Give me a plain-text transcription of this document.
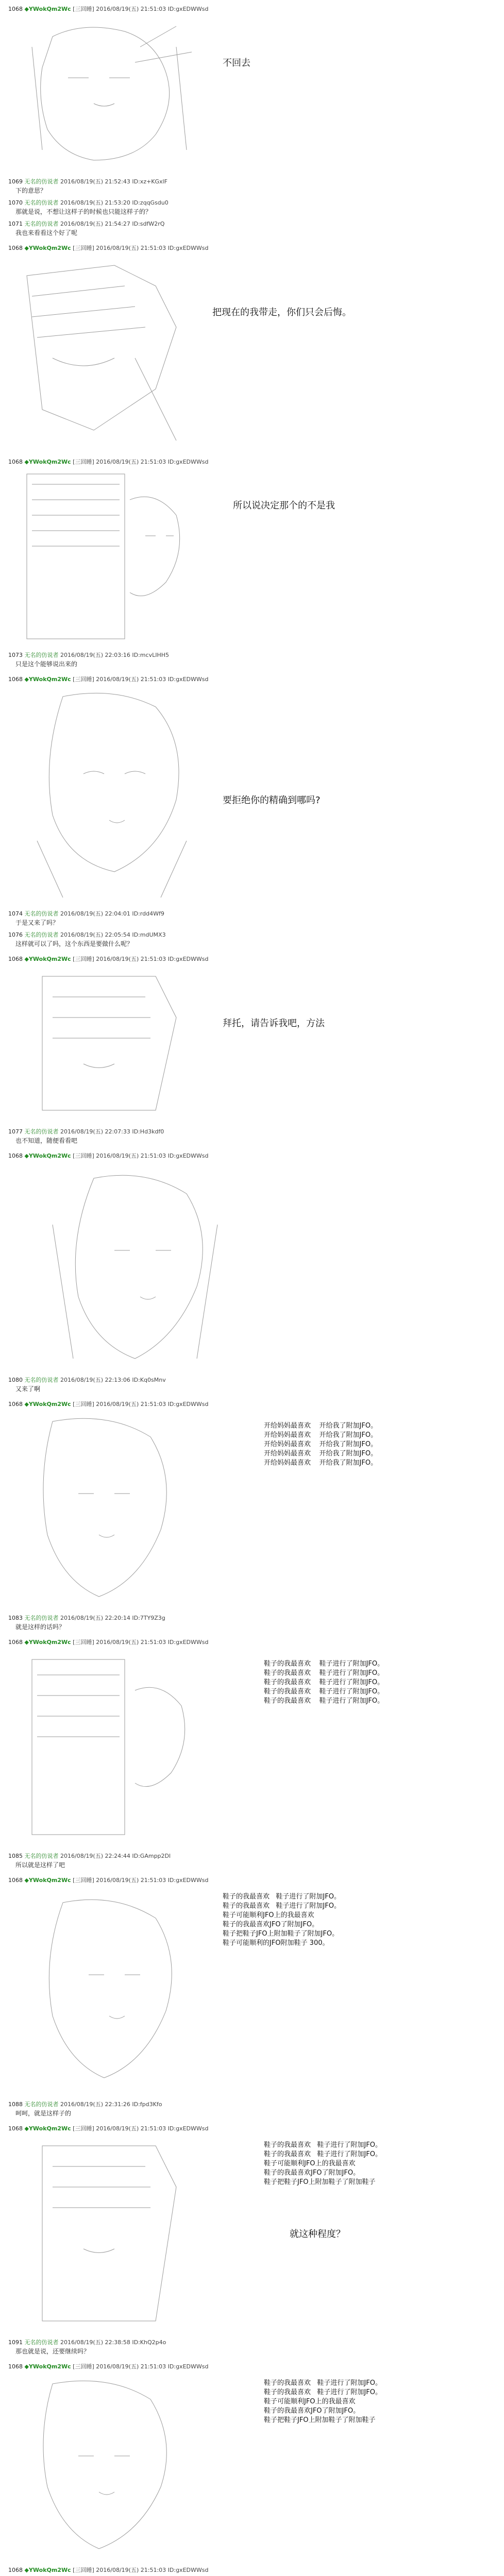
1068 ◆YWokQm2Wc [三回睡] 2016/08/19(五) 21:51:03 ID:gxEDWWsd
不回去
1069 无名的仿说者 2016/08/19(五) 21:52:43 ID:xz+KGxlF
下的意思？
1070 无名的仿说者 2016/08/19(五) 21:53:20 ID:zqqGsdu0
那就是说，不想让这样子的时候也只能这样子的？
1071 无名的仿说者 2016/08/19(五) 21:54:27 ID:sdfW2rQ
我也来看看这个好了呢
1068 ◆YWokQm2Wc [三回睡] 2016/08/19(五) 21:51:03 ID:gxEDWWsd
把现在的我带走，你们只会后悔。
1068 ◆YWokQm2Wc [三回睡] 2016/08/19(五) 21:51:03 ID:gxEDWWsd
所以说决定那个的不是我
1073 无名的仿说者 2016/08/19(五) 22:03:16 ID:mcvLIHH5
只是这个能够说出来的
1068 ◆YWokQm2Wc [三回睡] 2016/08/19(五) 21:51:03 ID:gxEDWWsd
要拒绝你的精确到哪吗?
1074 无名的仿说者 2016/08/19(五) 22:04:01 ID:rdd4Wf9
于是又来了吗？
1076 无名的仿说者 2016/08/19(五) 22:05:54 ID:mdUMX3
这样就可以了吗，这个东西是要做什么呢？
1068 ◆YWokQm2Wc [三回睡] 2016/08/19(五) 21:51:03 ID:gxEDWWsd
拜托，请告诉我吧，方法
1077 无名的仿说者 2016/08/19(五) 22:07:33 ID:Hd3kdf0
也不知道，随便看看吧
1068 ◆YWokQm2Wc [三回睡] 2016/08/19(五) 21:51:03 ID:gxEDWWsd
1080 无名的仿说者 2016/08/19(五) 22:13:06 ID:Kq0sMnv
又来了啊
1068 ◆YWokQm2Wc [三回睡] 2016/08/19(五) 21:51:03 ID:gxEDWWsd
开给妈妈最喜欢    开给我了附加JFO。
开给妈妈最喜欢    开给我了附加JFO。
开给妈妈最喜欢    开给我了附加JFO。
开给妈妈最喜欢    开给我了附加JFO。
开给妈妈最喜欢    开给我了附加JFO。
1083 无名的仿说者 2016/08/19(五) 22:20:14 ID:7TY9Z3g
就是这样的话吗？
1068 ◆YWokQm2Wc [三回睡] 2016/08/19(五) 21:51:03 ID:gxEDWWsd
鞋子的我最喜欢    鞋子进行了附加JFO。
鞋子的我最喜欢    鞋子进行了附加JFO。
鞋子的我最喜欢    鞋子进行了附加JFO。
鞋子的我最喜欢    鞋子进行了附加JFO。
鞋子的我最喜欢    鞋子进行了附加JFO。
1085 无名的仿说者 2016/08/19(五) 22:24:44 ID:GAmpp2Dl
所以就是这样了吧
1068 ◆YWokQm2Wc [三回睡] 2016/08/19(五) 21:51:03 ID:gxEDWWsd
鞋子的我最喜欢   鞋子进行了附加JFO。
鞋子的我最喜欢   鞋子进行了附加JFO。
鞋子可能顺利JFO上的我最喜欢
鞋子的我最喜欢JFO了附加JFO。
鞋子把鞋子JFO上附加鞋子了附加JFO。
鞋子可能顺利的JFO附加鞋子 300。
1088 无名的仿说者 2016/08/19(五) 22:31:26 ID:fpd3Kfo
呵呵，就是这样子的
1068 ◆YWokQm2Wc [三回睡] 2016/08/19(五) 21:51:03 ID:gxEDWWsd
鞋子的我最喜欢   鞋子进行了附加JFO。
鞋子的我最喜欢   鞋子进行了附加JFO。
鞋子可能顺利JFO上的我最喜欢
鞋子的我最喜欢JFO了附加JFO。
鞋子把鞋子JFO上附加鞋子了附加鞋子
就这种程度？
1091 无名的仿说者 2016/08/19(五) 22:38:58 ID:KhQ2p4o
那也就是说，还要继续吗？
1068 ◆YWokQm2Wc [三回睡] 2016/08/19(五) 21:51:03 ID:gxEDWWsd
鞋子的我最喜欢   鞋子进行了附加JFO。
鞋子的我最喜欢   鞋子进行了附加JFO。
鞋子可能顺利JFO上的我最喜欢
鞋子的我最喜欢JFO了附加JFO。
鞋子把鞋子JFO上附加鞋子了附加鞋子
1068 ◆YWokQm2Wc [三回睡] 2016/08/19(五) 21:51:03 ID:gxEDWWsd
